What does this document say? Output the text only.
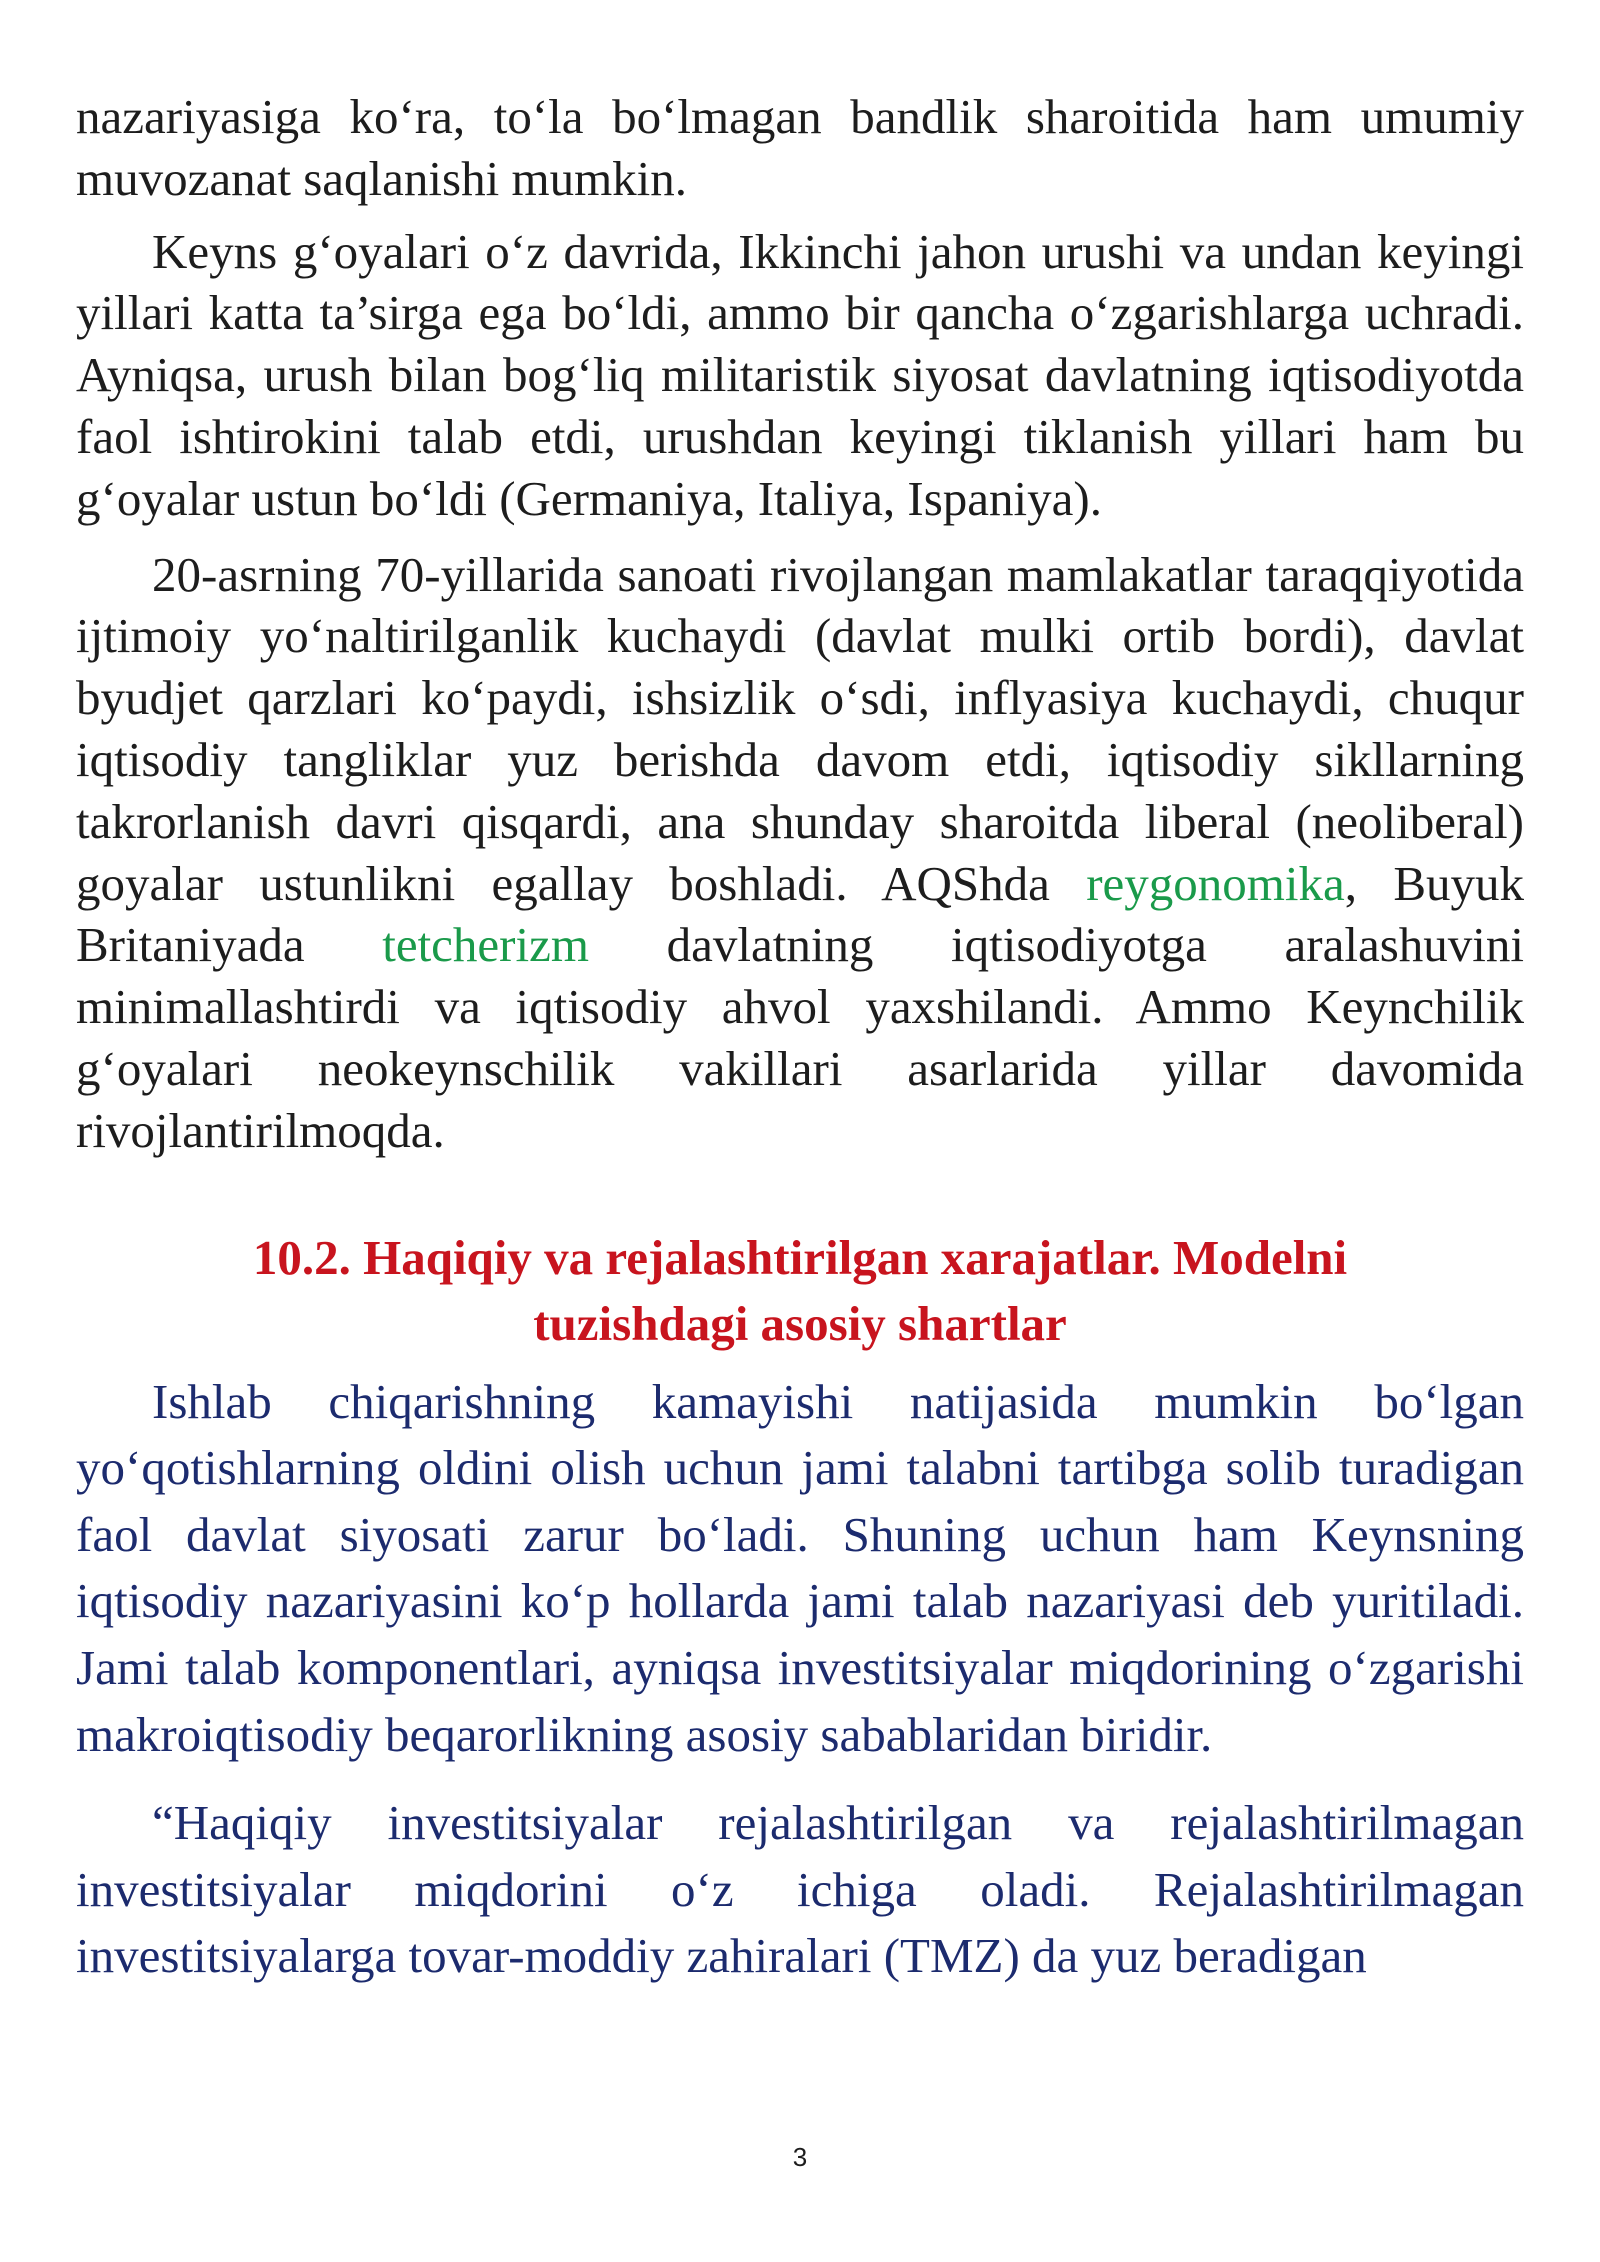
nazariyasiga ko‘ra, to‘la bo‘lmagan bandlik sharoitida ham umumiy muvozanat saqlanishi mumkin.

Keyns g‘oyalari o‘z davrida, Ikkinchi jahon urushi va undan keyingi yillari katta ta’sirga ega bo‘ldi, ammo bir qancha o‘zgarishlarga uchradi. Ayniqsa, urush bilan bog‘liq militaristik siyosat davlatning iqtisodiyotda faol ishtirokini talab etdi, urushdan keyingi tiklanish yillari ham bu g‘oyalar ustun bo‘ldi (Germaniya, Italiya, Ispaniya).

20-asrning 70-yillarida sanoati rivojlangan mamlakatlar taraqqiyotida ijtimoiy yo‘naltirilganlik kuchaydi (davlat mulki ortib bordi), davlat byudjet qarzlari ko‘paydi, ishsizlik o‘sdi, inflyasiya kuchaydi, chuqur iqtisodiy tangliklar yuz berishda davom etdi, iqtisodiy sikllarning takrorlanish davri qisqardi, ana shunday sharoitda liberal (neoliberal) goyalar ustunlikni egallay boshladi. AQShda reygonomika, Buyuk Britaniyada tetcherizm davlatning iqtisodiyotga aralashuvini minimallashtirdi va iqtisodiy ahvol yaxshilandi. Ammo Keynchilik g‘oyalari neokeynschilik vakillari asarlarida yillar davomida rivojlantirilmoqda.

10.2. Haqiqiy va rejalashtirilgan xarajatlar. Modelni
tuzishdagi asosiy shartlar

Ishlab chiqarishning kamayishi natijasida mumkin bo‘lgan yo‘qotishlarning oldini olish uchun jami talabni tartibga solib turadigan faol davlat siyosati zarur bo‘ladi. Shuning uchun ham Keynsning iqtisodiy nazariyasini ko‘p hollarda jami talab nazariyasi deb yuritiladi. Jami talab komponentlari, ayniqsa investitsiyalar miqdorining o‘zgarishi makroiqtisodiy beqarorlikning asosiy sabablaridan biridir.

“Haqiqiy investitsiyalar rejalashtirilgan va rejalashtirilmagan investitsiyalar miqdorini o‘z ichiga oladi. Rejalashtirilmagan investitsiyalarga tovar-moddiy zahiralari (TMZ) da yuz beradigan

3
